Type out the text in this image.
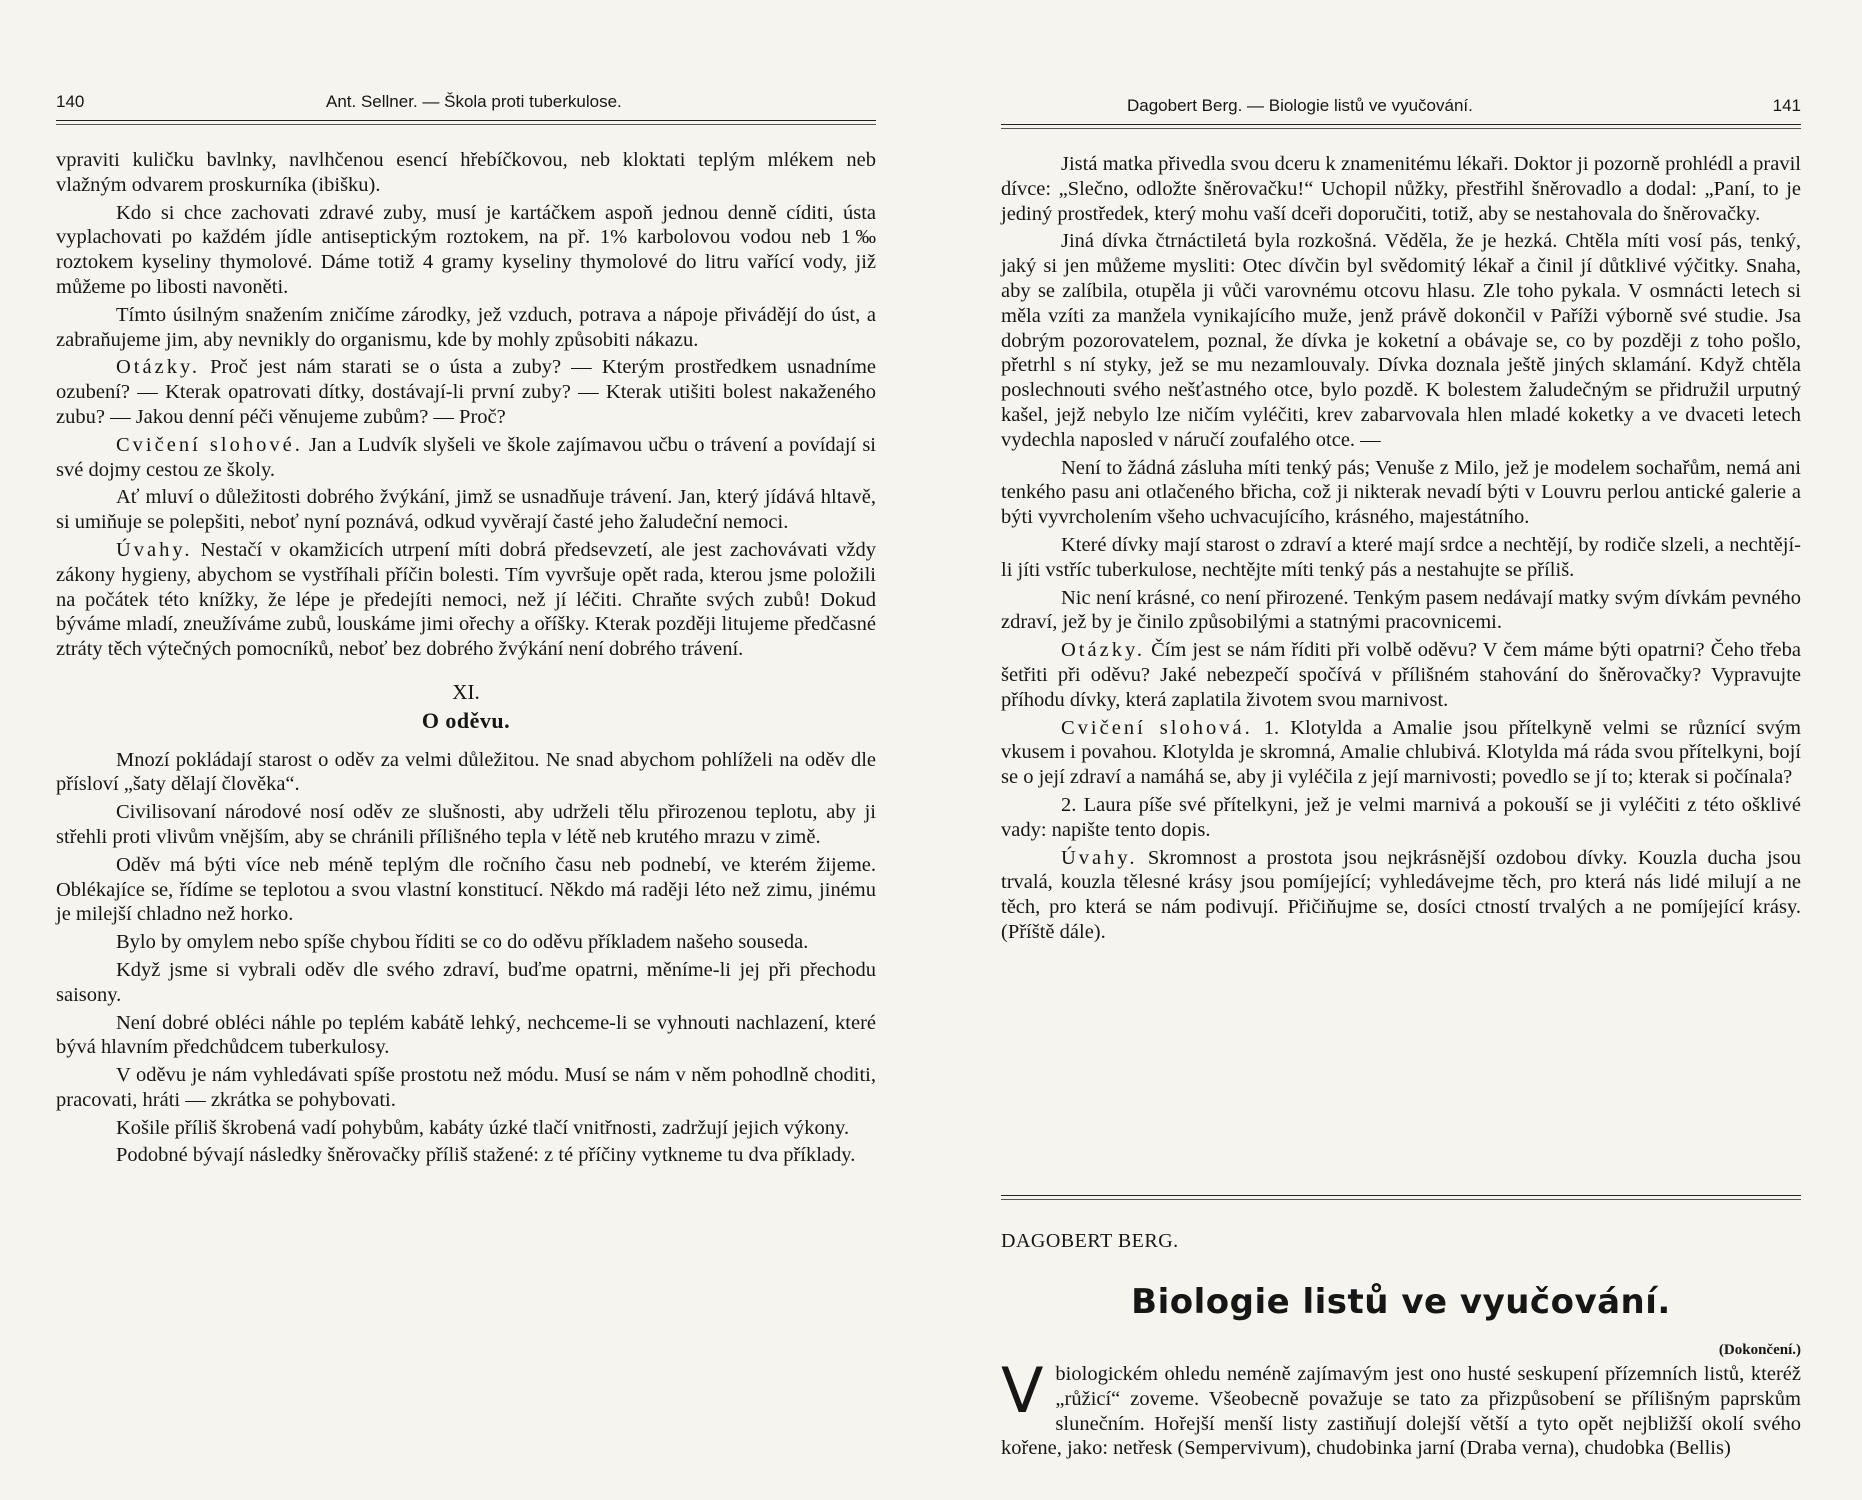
140	Ant. Sellner. — Škola proti tuberkulose.

vpraviti kuličku bavlnky, navlhčenou esencí hřebíčkovou, neb kloktati teplým mlékem neb vlažným odvarem proskurníka (ibišku).

Kdo si chce zachovati zdravé zuby, musí je kartáčkem aspoň jednou denně cíditi, ústa vyplachovati po každém jídle antiseptickým roztokem, na př. 1% karbolovou vodou neb 1‰ roztokem kyseliny thymolové. Dáme totiž 4 gramy kyseliny thymolové do litru vařící vody, již můžeme po libosti navoněti.

Tímto úsilným snažením zničíme zárodky, jež vzduch, potrava a nápoje přivádějí do úst, a zabraňujeme jim, aby nevnikly do organismu, kde by mohly způsobiti nákazu.

Otázky. Proč jest nám starati se o ústa a zuby? — Kterým prostředkem usnadníme ozubení? — Kterak opatrovati dítky, dostávají-li první zuby? — Kterak utišiti bolest nakaženého zubu? — Jakou denní péči věnujeme zubům? — Proč?

Cvičení slohové. Jan a Ludvík slyšeli ve škole zajímavou učbu o trávení a povídají si své dojmy cestou ze školy.

Ať mluví o důležitosti dobrého žvýkání, jimž se usnadňuje trávení. Jan, který jídává hltavě, si umiňuje se polepšiti, neboť nyní poznává, odkud vyvěrají časté jeho žaludeční nemoci.

Úvahy. Nestačí v okamžicích utrpení míti dobrá předsevzetí, ale jest zachovávati vždy zákony hygieny, abychom se vystříhali příčin bolesti. Tím vyvršuje opět rada, kterou jsme položili na počátek této knížky, že lépe je předejíti nemoci, než jí léčiti. Chraňte svých zubů! Dokud býváme mladí, zneužíváme zubů, louskáme jimi ořechy a oříšky. Kterak později litujeme předčasné ztráty těch výtečných pomocníků, neboť bez dobrého žvýkání není dobrého trávení.

XI.
O oděvu.

Mnozí pokládají starost o oděv za velmi důležitou. Ne snad abychom pohlíželi na oděv dle přísloví „šaty dělají člověka“.

Civilisovaní národové nosí oděv ze slušnosti, aby udrželi tělu přirozenou teplotu, aby ji střehli proti vlivům vnějším, aby se chránili přílišného tepla v létě neb krutého mrazu v zimě.

Oděv má býti více neb méně teplým dle ročního času neb podnebí, ve kterém žijeme. Oblékajíce se, řídíme se teplotou a svou vlastní konstitucí. Někdo má raději léto než zimu, jinému je milejší chladno než horko.

Bylo by omylem nebo spíše chybou říditi se co do oděvu příkladem našeho souseda.

Když jsme si vybrali oděv dle svého zdraví, buďme opatrni, měníme-li jej při přechodu saisony.

Není dobré obléci náhle po teplém kabátě lehký, nechceme-li se vyhnouti nachlazení, které bývá hlavním předchůdcem tuberkulosy.

V oděvu je nám vyhledávati spíše prostotu než módu. Musí se nám v něm pohodlně choditi, pracovati, hráti — zkrátka se pohybovati.

Košile příliš škrobená vadí pohybům, kabáty úzké tlačí vnitřnosti, zadržují jejich výkony.

Podobné bývají následky šněrovačky příliš stažené: z té příčiny vytkneme tu dva příklady.

Dagobert Berg. — Biologie listů ve vyučování.	141

Jistá matka přivedla svou dceru k znamenitému lékaři. Doktor ji pozorně prohlédl a pravil dívce: „Slečno, odložte šněrovačku!“ Uchopil nůžky, přestřihl šněrovadlo a dodal: „Paní, to je jediný prostředek, který mohu vaší dceři doporučiti, totiž, aby se nestahovala do šněrovačky.

Jiná dívka čtrnáctiletá byla rozkošná. Věděla, že je hezká. Chtěla míti vosí pás, tenký, jaký si jen můžeme mysliti: Otec dívčin byl svědomitý lékař a činil jí důtklivé výčitky. Snaha, aby se zalíbila, otupěla ji vůči varovnému otcovu hlasu. Zle toho pykala. V osmnácti letech si měla vzíti za manžela vynikajícího muže, jenž právě dokončil v Paříži výborně své studie. Jsa dobrým pozorovatelem, poznal, že dívka je koketní a obávaje se, co by později z toho pošlo, přetrhl s ní styky, jež se mu nezamlouvaly. Dívka doznala ještě jiných sklamání. Když chtěla poslechnouti svého nešťastného otce, bylo pozdě. K bolestem žaludečným se přidružil urputný kašel, jejž nebylo lze ničím vyléčiti, krev zabarvovala hlen mladé koketky a ve dvaceti letech vydechla naposled v náručí zoufalého otce. —

Není to žádná zásluha míti tenký pás; Venuše z Milo, jež je modelem sochařům, nemá ani tenkého pasu ani otlačeného břicha, což ji nikterak nevadí býti v Louvru perlou antické galerie a býti vyvrcholením všeho uchvacujícího, krásného, majestátního.

Které dívky mají starost o zdraví a které mají srdce a nechtějí, by rodiče slzeli, a nechtějí-li jíti vstříc tuberkulose, nechtějte míti tenký pás a nestahujte se příliš.

Nic není krásné, co není přirozené. Tenkým pasem nedávají matky svým dívkám pevného zdraví, jež by je činilo způsobilými a statnými pracovnicemi.

Otázky. Čím jest se nám říditi při volbě oděvu? V čem máme býti opatrni? Čeho třeba šetřiti při oděvu? Jaké nebezpečí spočívá v přílišném stahování do šněrovačky? Vypravujte příhodu dívky, která zaplatila životem svou marnivost.

Cvičení slohová. 1. Klotylda a Amalie jsou přítelkyně velmi se různící svým vkusem i povahou. Klotylda je skromná, Amalie chlubivá. Klotylda má ráda svou přítelkyni, bojí se o její zdraví a namáhá se, aby ji vyléčila z její marnivosti; povedlo se jí to; kterak si počínala?

2. Laura píše své přítelkyni, jež je velmi marnivá a pokouší se ji vyléčiti z této ošklivé vady: napište tento dopis.

Úvahy. Skromnost a prostota jsou nejkrásnější ozdobou dívky. Kouzla ducha jsou trvalá, kouzla tělesné krásy jsou pomíjející; vyhledávejme těch, pro která nás lidé milují a ne těch, pro která se nám podivují. Přičiňujme se, dosíci ctností trvalých a ne pomíjející krásy. (Příště dále).

DAGOBERT BERG.
Biologie listů ve vyučování.
(Dokončení.)
V biologickém ohledu neméně zajímavým jest ono husté seskupení přízemních listů, kteréž „růžicí“ zoveme. Všeobecně považuje se tato za přizpůsobení se přílišným paprskům slunečním. Hořejší menší listy zastiňují dolejší větší a tyto opět nejbližší okolí svého kořene, jako: netřesk (Sempervivum), chudobinka jarní (Draba verna), chudobka (Bellis)
